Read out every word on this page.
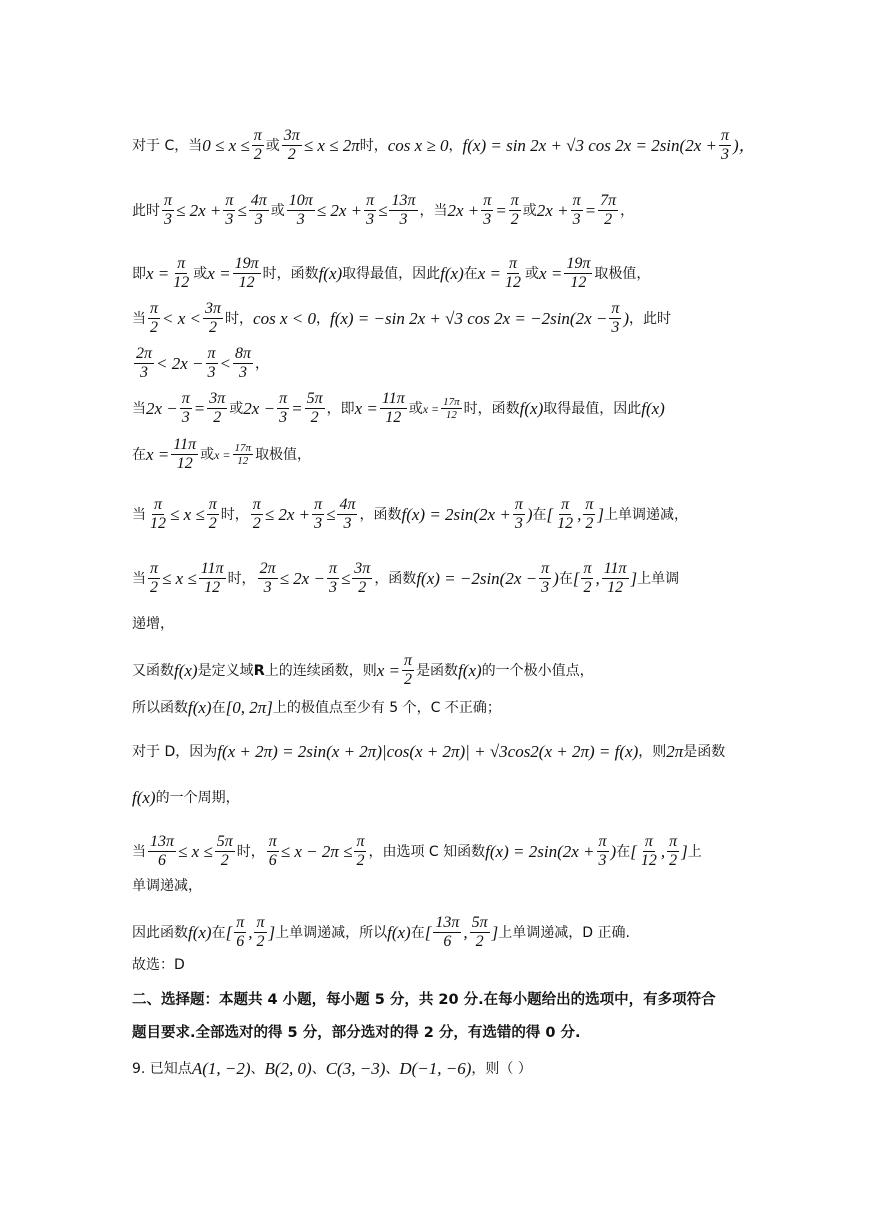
对于 C，当 $0 \le x \le \frac{\pi}{2}$ 或 $\frac{3\pi}{2} \le x \le 2\pi$ 时， cos x ≥ 0 ， f(x) = sin 2x + √3 $\cos 2x = 2\sin(2x + \frac{\pi}{3}$ )，
此时 $\frac{\pi}{3} \le 2x + \frac{\pi}{3} \le \frac{4\pi}{3}$ 或 $\frac{10\pi}{3} \le 2x + \frac{\pi}{3} \le \frac{13\pi}{3}$ ，当 $2x + \frac{\pi}{3} = \frac{\pi}{2}$ 或 $2x + \frac{\pi}{3} = \frac{7\pi}{2}$ ，
即 $x = \frac{\pi}{12}$ 或 $x = \frac{19\pi}{12}$ 时，函数 f(x) 取得最值，因此 f(x) 在 $x = \frac{\pi}{12}$ 或 $x = \frac{19\pi}{12}$ 取极值，
当 $\frac{\pi}{2} < x < \frac{3\pi}{2}$ 时， cos x < 0 ， f(x) = −sin 2x + √3 $\cos 2x = -2\sin(2x - \frac{\pi}{3}$ ) ，此时
$\frac{2\pi}{3} < 2x - \frac{\pi}{3} < \frac{8\pi}{3}$ ，
当 $2x - \frac{\pi}{3} = \frac{3\pi}{2}$ 或 $2x - \frac{\pi}{3} = \frac{5\pi}{2}$ ，即 $x = \frac{11\pi}{12}$ 或 $x = \frac{17\pi}{12}$ 时，函数 f(x) 取得最值，因此 f(x)
在 $x = \frac{11\pi}{12}$ 或 $x = \frac{17\pi}{12}$ 取极值，
当 $\frac{\pi}{12} \le x \le \frac{\pi}{2}$ 时， $\frac{\pi}{2} \le 2x + \frac{\pi}{3} \le \frac{4\pi}{3}$ ，函数 $f(x) = 2\sin(2x + \frac{\pi}{3}$ ) 在 [ $\frac{\pi}{12}$ , $\frac{\pi}{2}$ ] 上单调递减，
当 $\frac{\pi}{2} \le x \le \frac{11\pi}{12}$ 时， $\frac{2\pi}{3} \le 2x - \frac{\pi}{3} \le \frac{3\pi}{2}$ ，函数 $f(x) = -2\sin(2x - \frac{\pi}{3}$ ) 在 [ $\frac{\pi}{2}$ , $\frac{11\pi}{12}$ ] 上单调
递增，
又函数 f(x) 是定义域 R 上的连续函数，则 $x = \frac{\pi}{2}$ 是函数 f(x) 的一个极小值点，
所以函数 f(x) 在 [0, 2π] 上的极值点至少有 5 个，C 不正确；
对于 D，因为 f(x + 2π) = 2sin(x + 2π)|cos(x + 2π)| + √3cos2(x + 2π) = f(x) ，则 2π 是函数
f(x) 的一个周期，
当 $\frac{13\pi}{6} \le x \le \frac{5\pi}{2}$ 时， $\frac{\pi}{6} \le x - 2\pi \le \frac{\pi}{2}$ ，由选项 C 知函数 $f(x) = 2\sin(2x + \frac{\pi}{3}$ ) 在 [ $\frac{\pi}{12}$ , $\frac{\pi}{2}$ ] 上
单调递减，
因此函数 f(x) 在 [ $\frac{\pi}{6}$ , $\frac{\pi}{2}$ ] 上单调递减，所以 f(x) 在 [ $\frac{13\pi}{6}$ , $\frac{5\pi}{2}$ ] 上单调递减，D 正确.
故选：D
二、选择题：本题共 4 小题，每小题 5 分，共 20 分.在每小题给出的选项中，有多项符合
题目要求.全部选对的得 5 分，部分选对的得 2 分，有选错的得 0 分.
9. 已知点 A(1, −2) 、 B(2, 0) 、 C(3, −3) 、 D(−1, −6) ，则（ ）
